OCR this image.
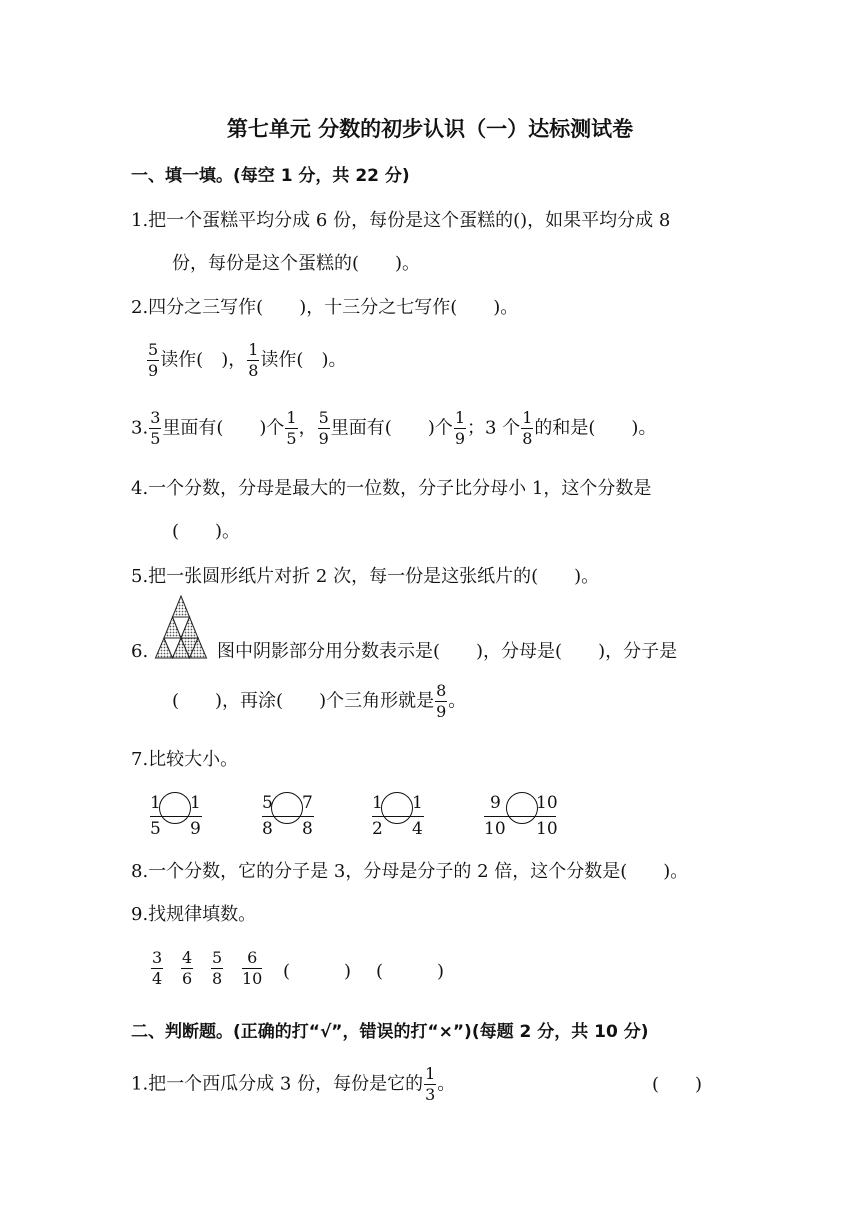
第七单元 分数的初步认识（一）达标测试卷
一、填一填。(每空 1 分，共 22 分)
1.把一个蛋糕平均分成 6 份，每份是这个蛋糕的()，如果平均分成 8
份，每份是这个蛋糕的(　　)。
2.四分之三写作(　　)，十三分之七写作(　　)。
$\frac{5}{9}$ 读作(　)， $\frac{1}{8}$ 读作(　)。
3. $\frac{3}{5}$ 里面有(　　)个 $\frac{1}{5}$ ， $\frac{5}{9}$ 里面有(　　)个 $\frac{1}{9}$ ；3 个 $\frac{1}{8}$ 的和是(　　)。
4.一个分数，分母是最大的一位数，分子比分母小 1，这个分数是
(　　)。
5.把一张圆形纸片对折 2 次，每一份是这张纸片的(　　)。
6.	图中阴影部分用分数表示是(　　)，分母是(　　)，分子是
(　　)，再涂(　　)个三角形就是 $\frac{8}{9}$ 。
7.比较大小。
1 1
5 9
5 7
8 8
1 1
2 4
9 10
10 10
8.一个分数，它的分子是 3，分母是分子的 2 倍，这个分数是(　　)。
9.找规律填数。
$\frac{3}{4} \frac{4}{6} \frac{5}{8} \frac{6}{10}$ (　　　) (　　　)
二、判断题。(正确的打“√”，错误的打“×”)(每题 2 分，共 10 分)
1.把一个西瓜分成 3 份，每份是它的 $\frac{1}{3}$ 。	(　　)
